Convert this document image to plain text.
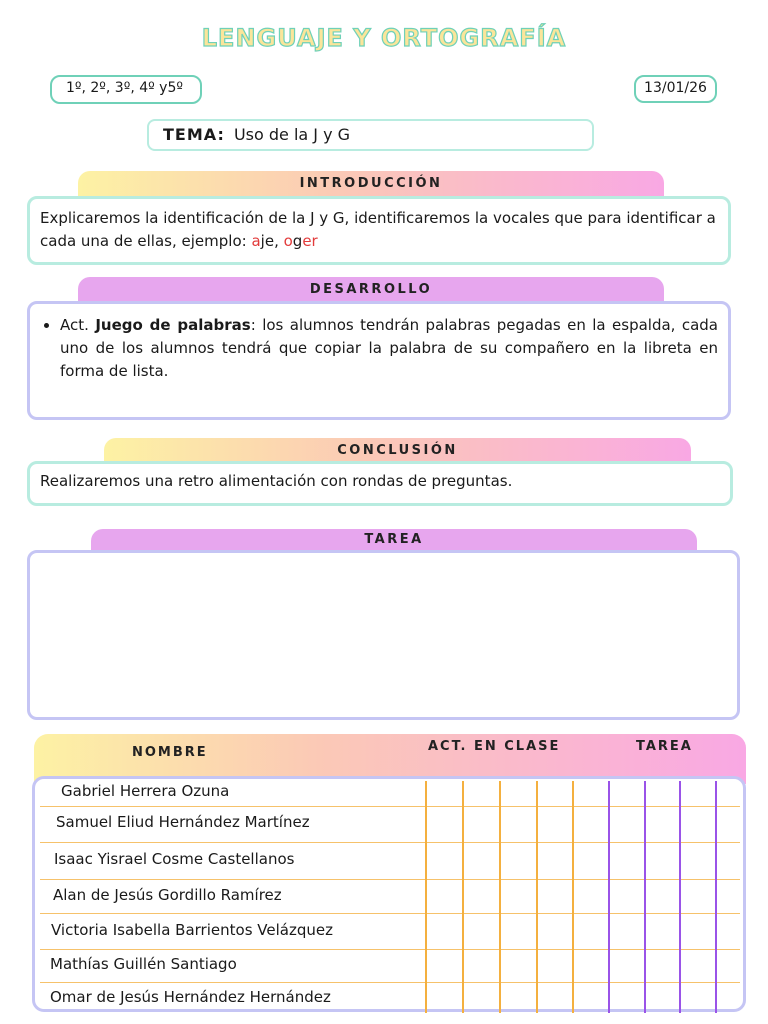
LENGUAJE Y ORTOGRAFÍA
1º, 2º, 3º, 4º y5º	13/01/26
TEMA: Uso de la J y G
INTRODUCCIÓN
Explicaremos la identificación de la J y G, identificaremos la vocales que para identificar a cada una de ellas, ejemplo: aje, oger
DESARROLLO
• Act. Juego de palabras: los alumnos tendrán palabras pegadas en la espalda, cada uno de los alumnos tendrá que copiar la palabra de su compañero en la libreta en forma de lista.
CONCLUSIÓN
Realizaremos una retro alimentación con rondas de preguntas.
TAREA
NOMBRE	ACT. EN CLASE	TAREA
Gabriel Herrera Ozuna
Samuel Eliud Hernández Martínez
Isaac Yisrael Cosme Castellanos
Alan de Jesús Gordillo Ramírez
Victoria Isabella Barrientos Velázquez
Mathías Guillén Santiago
Omar de Jesús Hernández Hernández
